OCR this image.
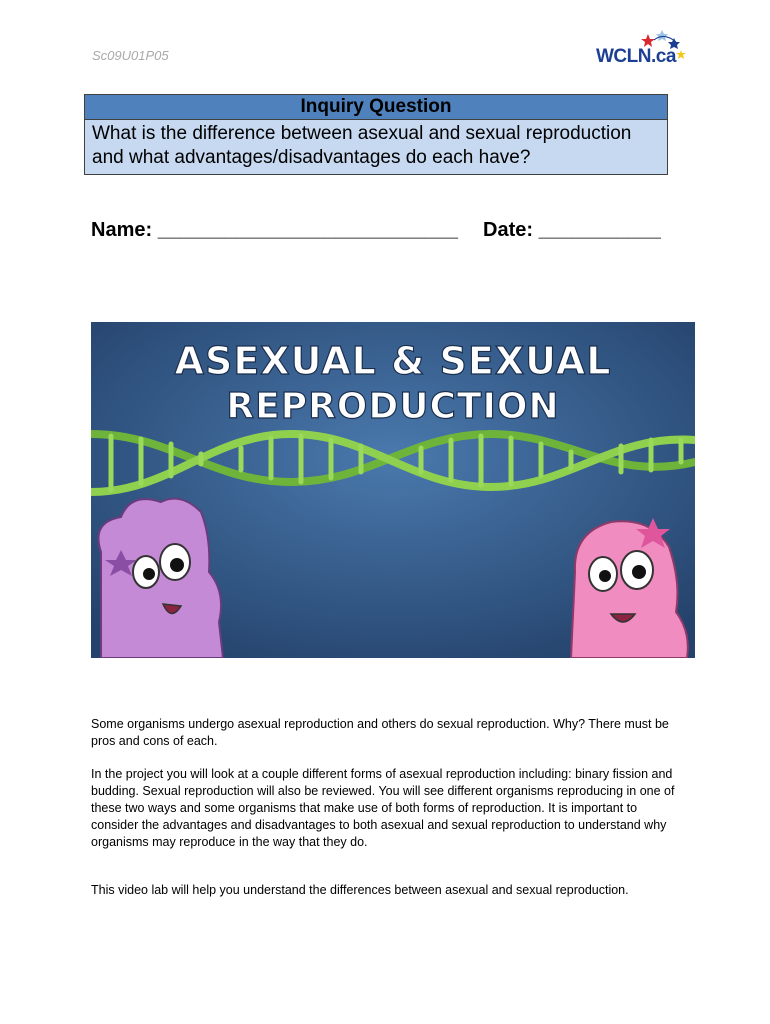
Sc09U01P05	WCLN.ca
Inquiry Question
What is the difference between asexual and sexual reproduction and what advantages/disadvantages do each have?
Name: ___________________________ Date: ___________
ASEXUAL & SEXUAL
REPRODUCTION

Some organisms undergo asexual reproduction and others do sexual reproduction. Why? There must be pros and cons of each.

In the project you will look at a couple different forms of asexual reproduction including: binary fission and budding. Sexual reproduction will also be reviewed. You will see different organisms reproducing in one of these two ways and some organisms that make use of both forms of reproduction. It is important to consider the advantages and disadvantages to both asexual and sexual reproduction to understand why organisms may reproduce in the way that they do.

This video lab will help you understand the differences between asexual and sexual reproduction.
